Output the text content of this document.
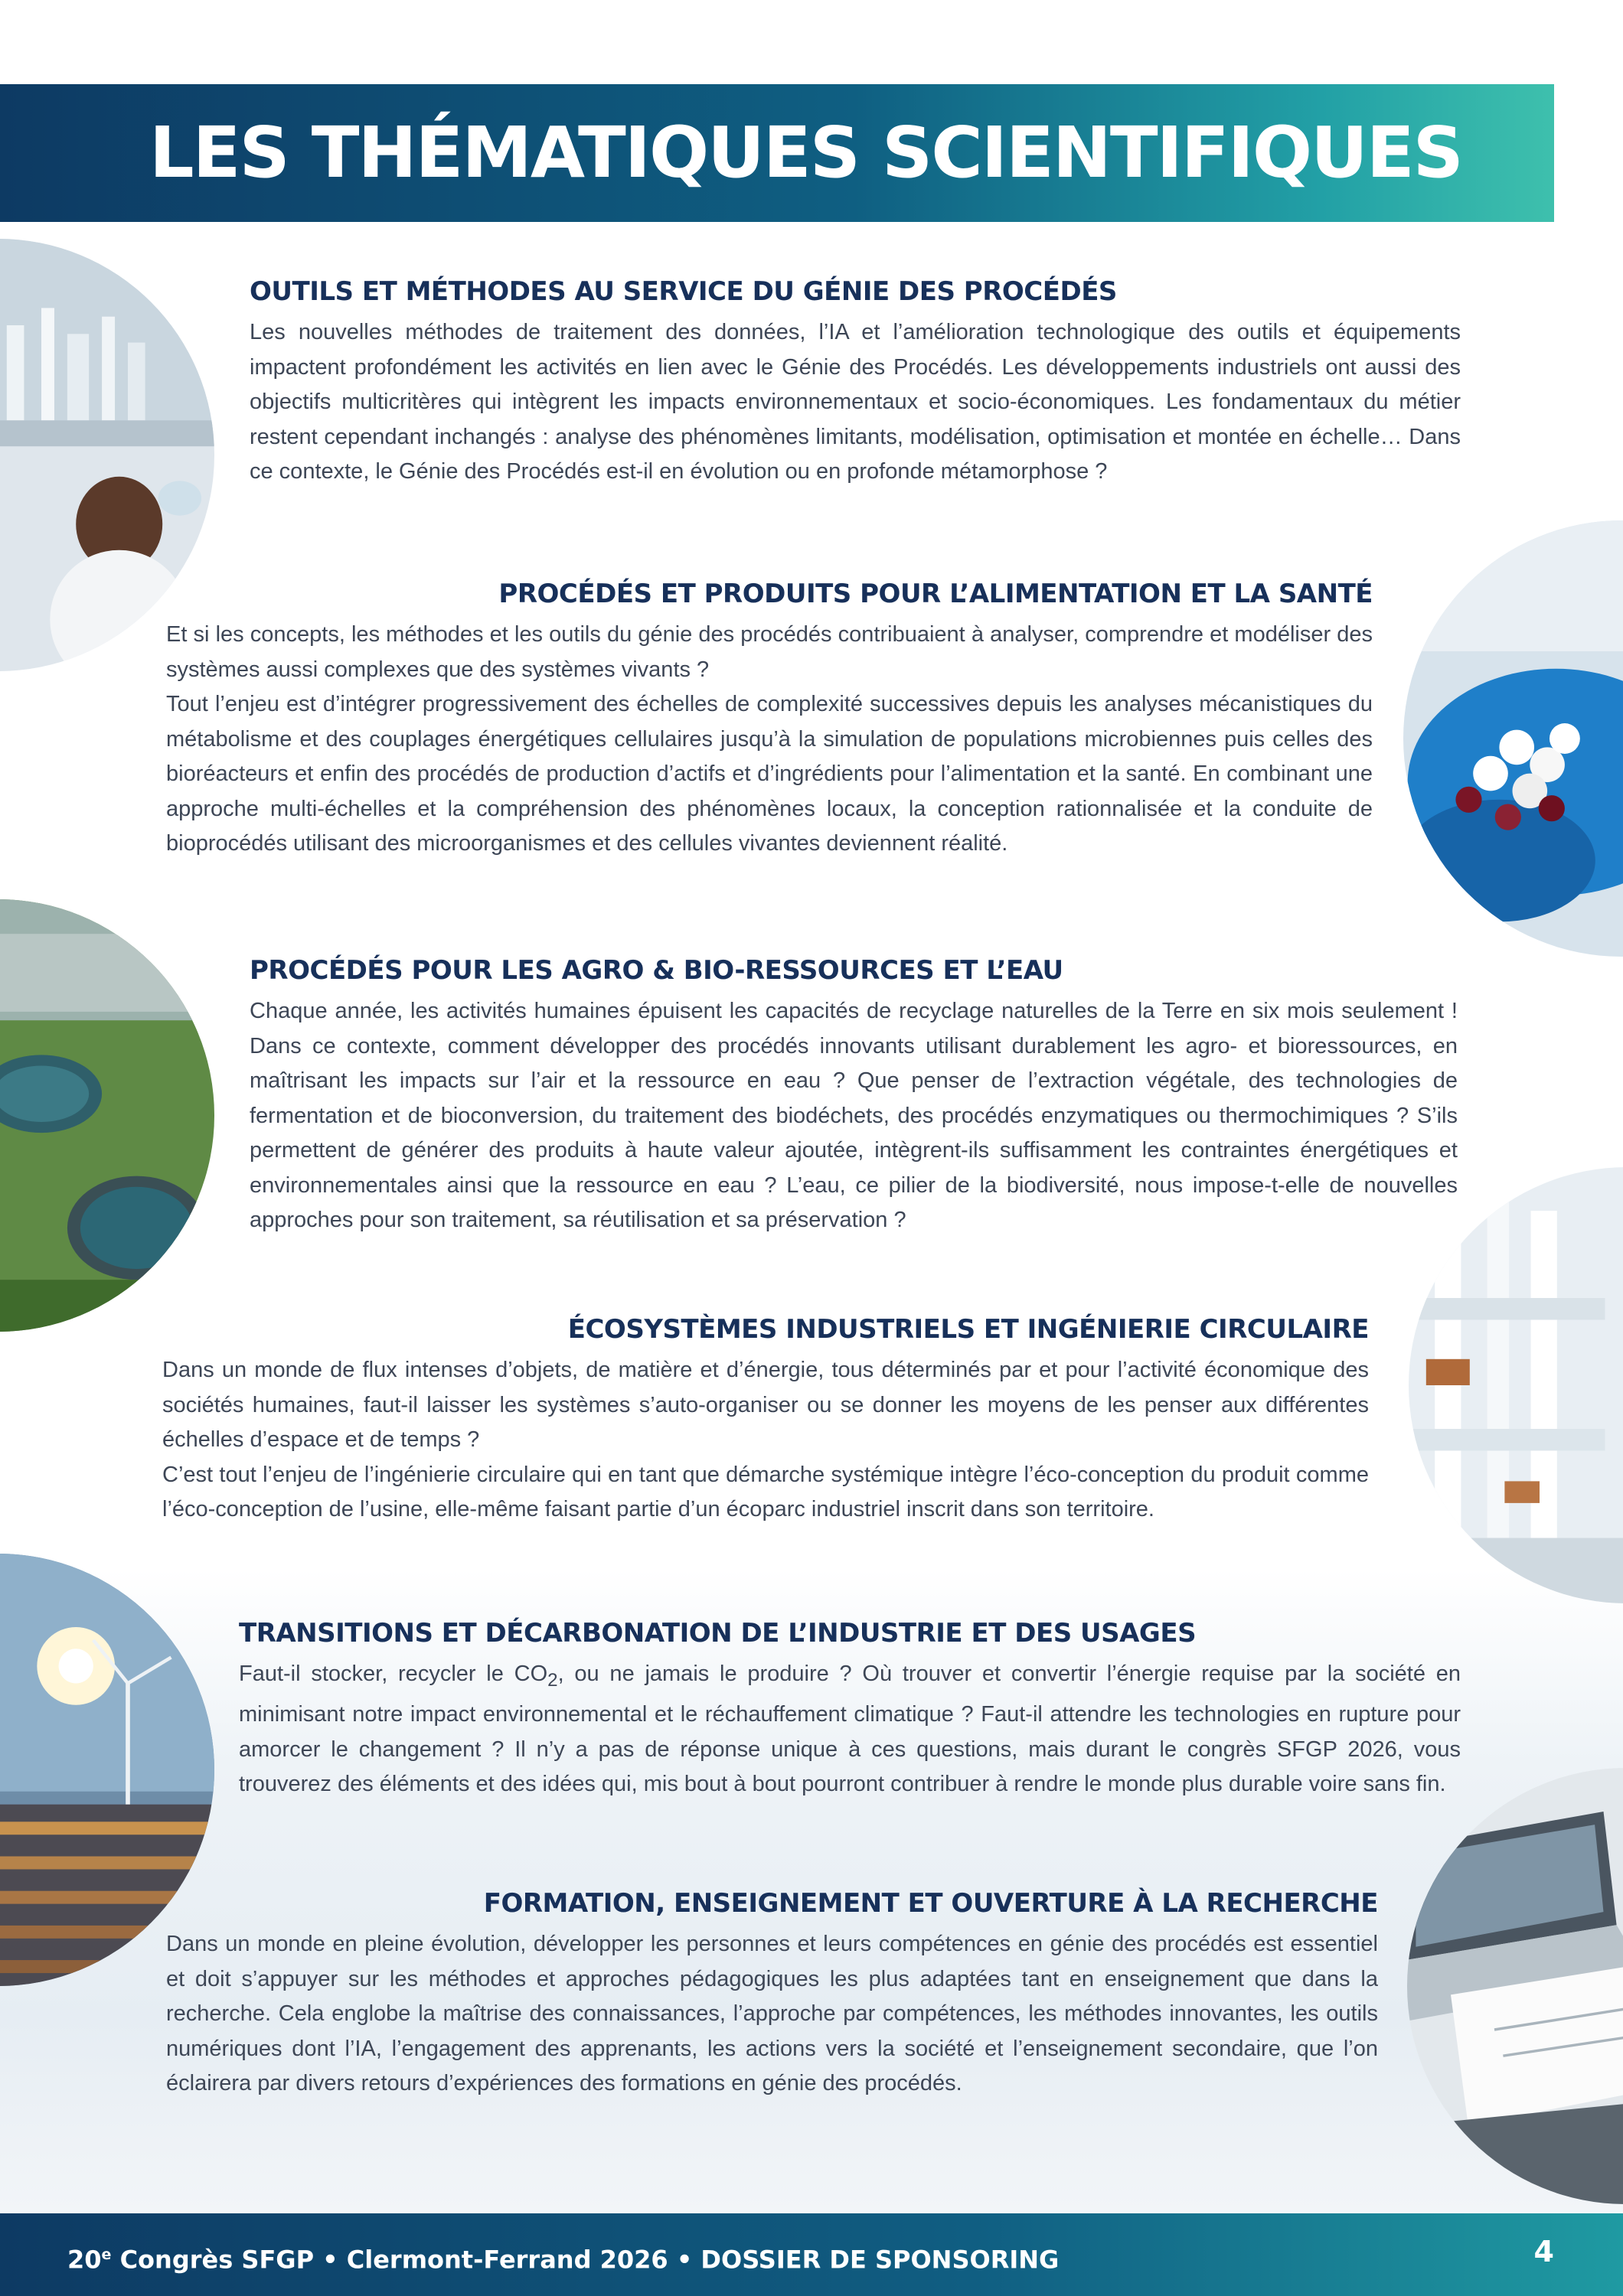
LES THÉMATIQUES SCIENTIFIQUES
OUTILS ET MÉTHODES AU SERVICE DU GÉNIE DES PROCÉDÉS

Les nouvelles méthodes de traitement des données, l’IA et l’amélioration technologique des outils et équipements impactent profondément les activités en lien avec le Génie des Procédés. Les développements industriels ont aussi des objectifs multicritères qui intègrent les impacts environnementaux et socio-économiques. Les fondamentaux du métier restent cependant inchangés : analyse des phénomènes limitants, modélisation, optimisation et montée en échelle… Dans ce contexte, le Génie des Procédés est-il en évolution ou en profonde métamorphose ?

PROCÉDÉS ET PRODUITS POUR L’ALIMENTATION ET LA SANTÉ

Et si les concepts, les méthodes et les outils du génie des procédés contribuaient à analyser, comprendre et modéliser des systèmes aussi complexes que des systèmes vivants ?

Tout l’enjeu est d’intégrer progressivement des échelles de complexité successives depuis les analyses mécanistiques du métabolisme et des couplages énergétiques cellulaires jusqu’à la simulation de populations microbiennes puis celles des bioréacteurs et enfin des procédés de production d’actifs et d’ingrédients pour l’alimentation et la santé. En combinant une approche multi-échelles et la compréhension des phénomènes locaux, la conception rationnalisée et la conduite de bioprocédés utilisant des microorganismes et des cellules vivantes deviennent réalité.

PROCÉDÉS POUR LES AGRO & BIO-RESSOURCES ET L’EAU

Chaque année, les activités humaines épuisent les capacités de recyclage naturelles de la Terre en six mois seulement ! Dans ce contexte, comment développer des procédés innovants utilisant durablement les agro- et bioressources, en maîtrisant les impacts sur l’air et la ressource en eau ? Que penser de l’extraction végétale, des technologies de fermentation et de bioconversion, du traitement des biodéchets, des procédés enzymatiques ou thermochimiques ? S’ils permettent de générer des produits à haute valeur ajoutée, intègrent-ils suffisamment les contraintes énergétiques et environnementales ainsi que la ressource en eau ? L’eau, ce pilier de la biodiversité, nous impose-t-elle de nouvelles approches pour son traitement, sa réutilisation et sa préservation ?

ÉCOSYSTÈMES INDUSTRIELS ET INGÉNIERIE CIRCULAIRE

Dans un monde de flux intenses d’objets, de matière et d’énergie, tous déterminés par et pour l’activité économique des sociétés humaines, faut-il laisser les systèmes s’auto-organiser ou se donner les moyens de les penser aux différentes échelles d’espace et de temps ?

C’est tout l’enjeu de l’ingénierie circulaire qui en tant que démarche systémique intègre l’éco-conception du produit comme l’éco-conception de l’usine, elle-même faisant partie d’un écoparc industriel inscrit dans son territoire.

TRANSITIONS ET DÉCARBONATION DE L’INDUSTRIE ET DES USAGES

Faut-il stocker, recycler le $CO_2$, ou ne jamais le produire ? Où trouver et convertir l’énergie requise par la société en minimisant notre impact environnemental et le réchauffement climatique ? Faut-il attendre les technologies en rupture pour amorcer le changement ? Il n’y a pas de réponse unique à ces questions, mais durant le congrès SFGP 2026, vous trouverez des éléments et des idées qui, mis bout à bout pourront contribuer à rendre le monde plus durable voire sans fin.

FORMATION, ENSEIGNEMENT ET OUVERTURE À LA RECHERCHE

Dans un monde en pleine évolution, développer les personnes et leurs compétences en génie des procédés est essentiel et doit s’appuyer sur les méthodes et approches pédagogiques les plus adaptées tant en enseignement que dans la recherche. Cela englobe la maîtrise des connaissances, l’approche par compétences, les méthodes innovantes, les outils numériques dont l’IA, l’engagement des apprenants, les actions vers la société et l’enseignement secondaire, que l’on éclairera par divers retours d’expériences des formations en génie des procédés.

20e Congrès SFGP • Clermont-Ferrand 2026 • DOSSIER DE SPONSORING	4
